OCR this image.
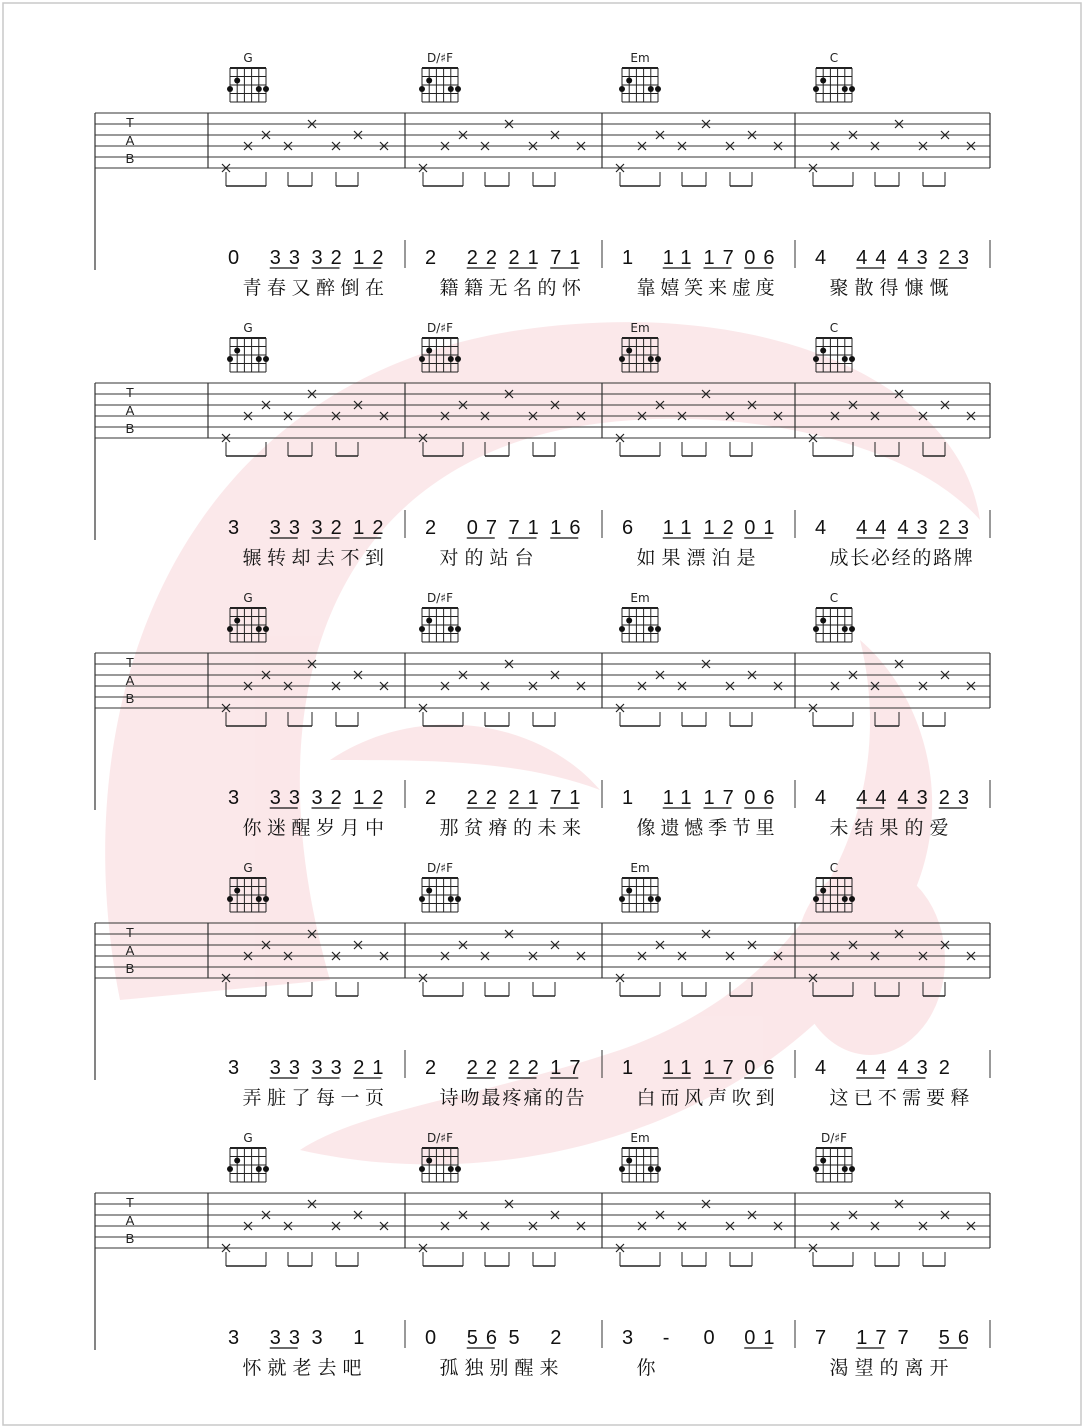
G	D/♯F	Em	C
T
A
B
0 33 32 12
青 春 又 醉 倒 在
2 22 21 71
籍 籍 无 名 的 怀
1 11 17 06
靠 嬉 笑 来 虚 度
4 44 43 23
聚 散 得 慷 慨
G	D/♯F	Em	C
T
A
B
3 33 32 12
辗 转 却 去 不 到
2 07 71 16
对 的 站 台
6 11 12 01
如 果 漂 泊 是
4 44 43 23
成 长 必 经 的 路 牌
G	D/♯F	Em	C
T
A
B
3 33 32 12
你 迷 醒 岁 月 中
2 22 21 71
那 贫 瘠 的 未 来
1 11 17 06
像 遗 憾 季 节 里
4 44 43 23
未 结 果 的 爱
G	D/♯F	Em	C
T
A
B
3 33 33 21
弄 脏 了 每 一 页
2 22 22 17
诗 吻 最 疼 痛 的 告
1 11 17 06
白 而 风 声 吹 到
4 44 43 2
这 已 不 需 要 释
G	D/♯F	Em	D/♯F
T
A
B
3 33 3 1
怀 就 老 去 吧
0 56 5 2
孤 独 别 醒 来
3 - 0 01
你
7 17 7 56
渴 望 的 离 开
